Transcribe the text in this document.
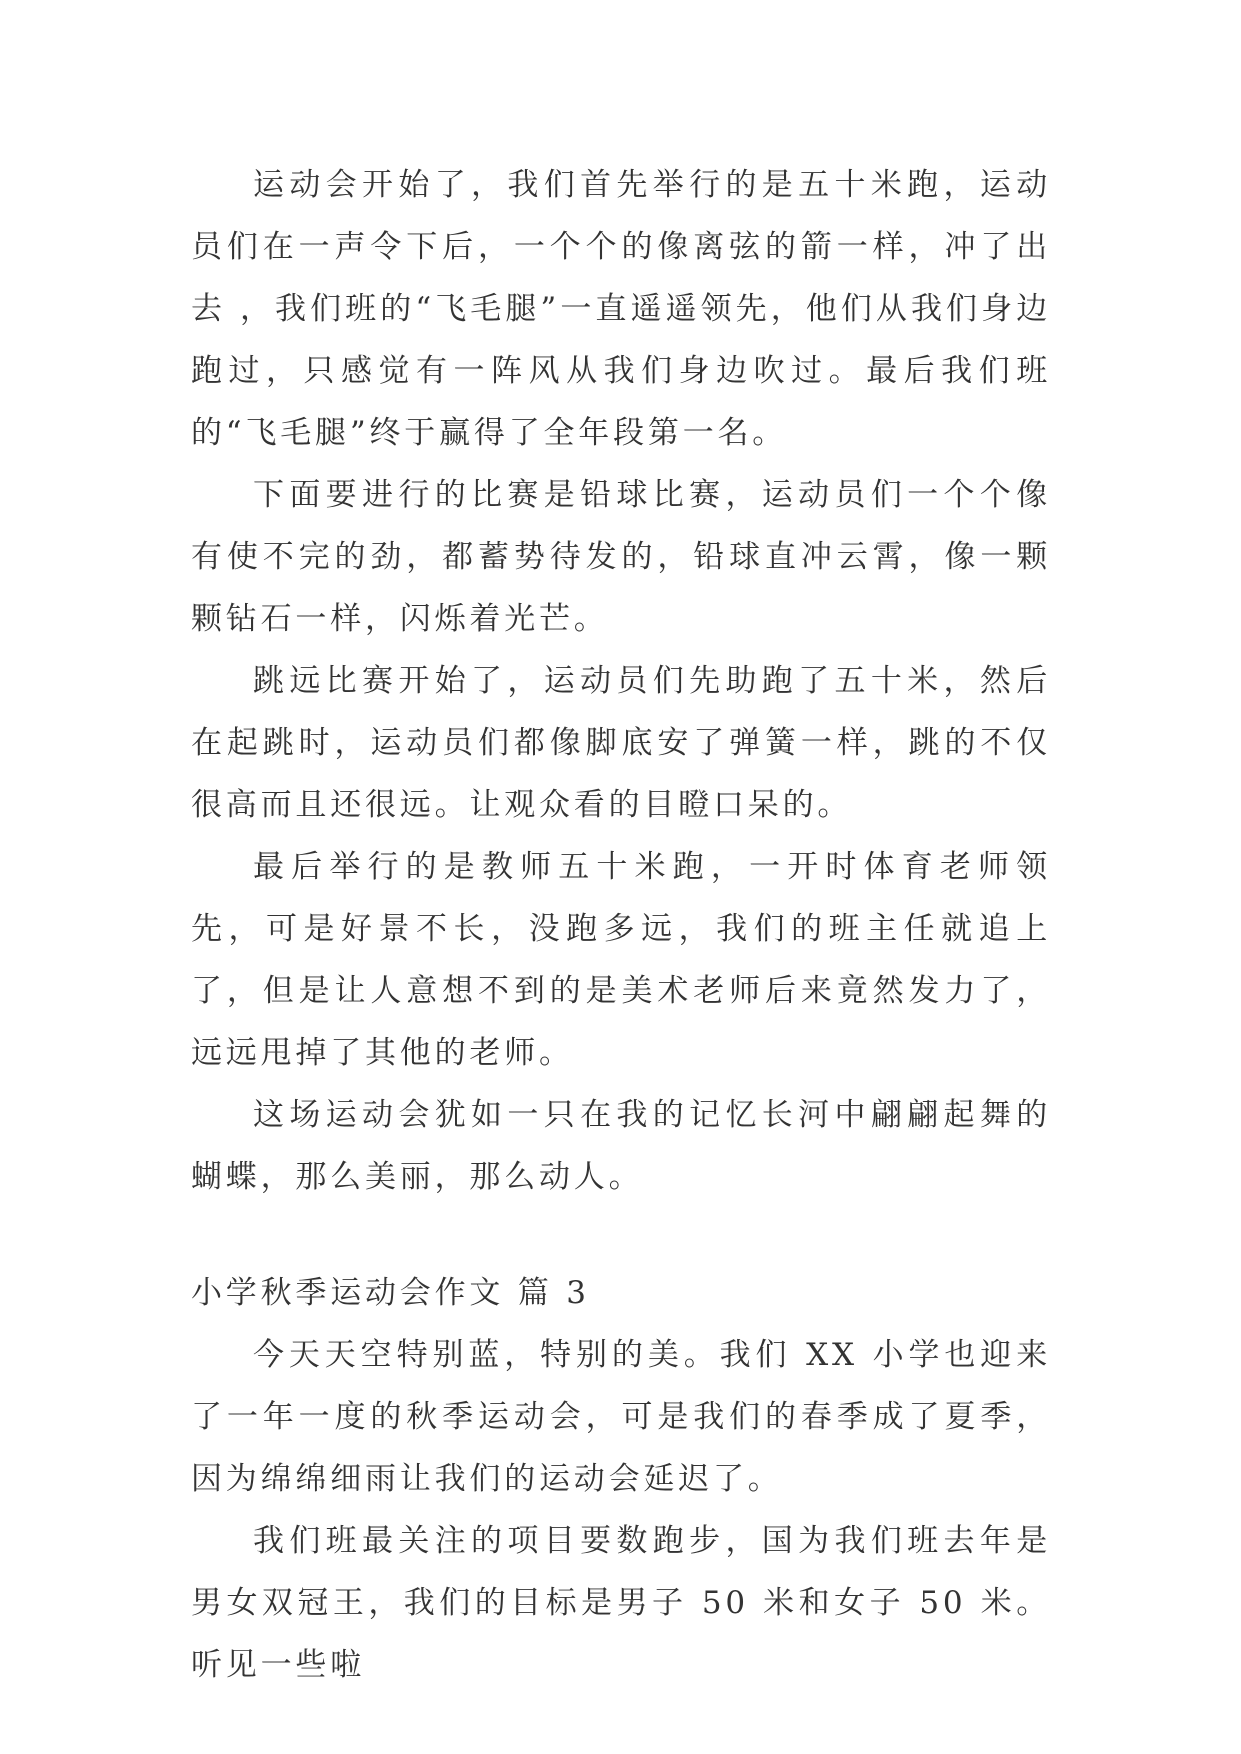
运动会开始了，我们首先举行的是五十米跑，运动员们在一声令下后，一个个的像离弦的箭一样，冲了出去 ，我们班的“飞毛腿”一直遥遥领先，他们从我们身边跑过，只感觉有一阵风从我们身边吹过。最后我们班的“飞毛腿”终于赢得了全年段第一名。

下面要进行的比赛是铅球比赛，运动员们一个个像有使不完的劲，都蓄势待发的，铅球直冲云霄，像一颗颗钻石一样，闪烁着光芒。

跳远比赛开始了，运动员们先助跑了五十米，然后在起跳时，运动员们都像脚底安了弹簧一样，跳的不仅很高而且还很远。让观众看的目瞪口呆的。

最后举行的是教师五十米跑，一开时体育老师领先，可是好景不长，没跑多远，我们的班主任就追上了，但是让人意想不到的是美术老师后来竟然发力了，远远甩掉了其他的老师。

这场运动会犹如一只在我的记忆长河中翩翩起舞的蝴蝶，那么美丽，那么动人。

小学秋季运动会作文 篇 3

今天天空特别蓝，特别的美。我们 XX 小学也迎来了一年一度的秋季运动会，可是我们的春季成了夏季，因为绵绵细雨让我们的运动会延迟了。

我们班最关注的项目要数跑步，国为我们班去年是男女双冠王，我们的目标是男子 50 米和女子 50 米。听见一些啦
